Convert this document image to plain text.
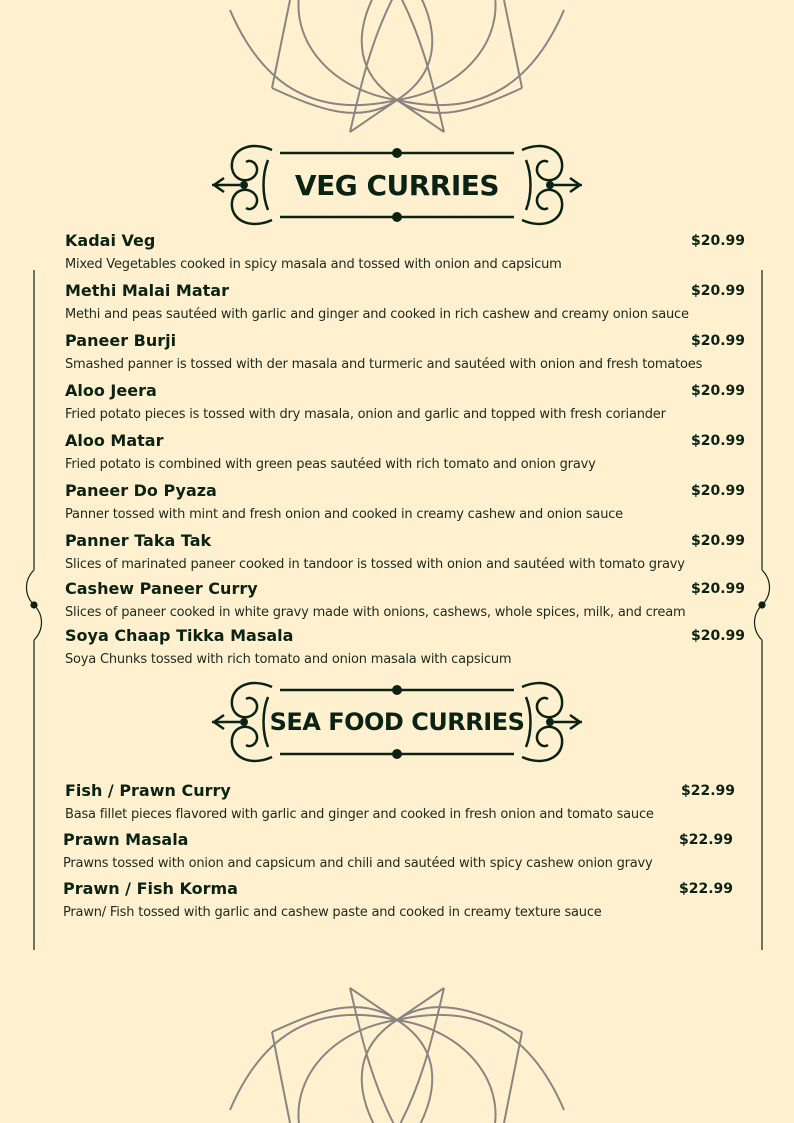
VEG CURRIES
Kadai Veg	$20.99
Mixed Vegetables cooked in spicy masala and tossed with onion and capsicum
Methi Malai Matar	$20.99
Methi and peas sautéed with garlic and ginger and cooked in rich cashew and creamy onion sauce
Paneer Burji	$20.99
Smashed panner is tossed with der masala and turmeric and sautéed with onion and fresh tomatoes
Aloo Jeera	$20.99
Fried potato pieces is tossed with dry masala, onion and garlic and topped with fresh coriander
Aloo Matar	$20.99
Fried potato is combined with green peas sautéed with rich tomato and onion gravy
Paneer Do Pyaza	$20.99
Panner tossed with mint and fresh onion and cooked in creamy cashew and onion sauce
Panner Taka Tak	$20.99
Slices of marinated paneer cooked in tandoor is tossed with onion and sautéed with tomato gravy
Cashew Paneer Curry	$20.99
Slices of paneer cooked in white gravy made with onions, cashews, whole spices, milk, and cream
Soya Chaap Tikka Masala	$20.99
Soya Chunks tossed with rich tomato and onion masala with capsicum
SEA FOOD CURRIES
Fish / Prawn Curry	$22.99
Basa fillet pieces flavored with garlic and ginger and cooked in fresh onion and tomato sauce
Prawn Masala	$22.99
Prawns tossed with onion and capsicum and chili and sautéed with spicy cashew onion gravy
Prawn / Fish Korma	$22.99
Prawn/ Fish tossed with garlic and cashew paste and cooked in creamy texture sauce
